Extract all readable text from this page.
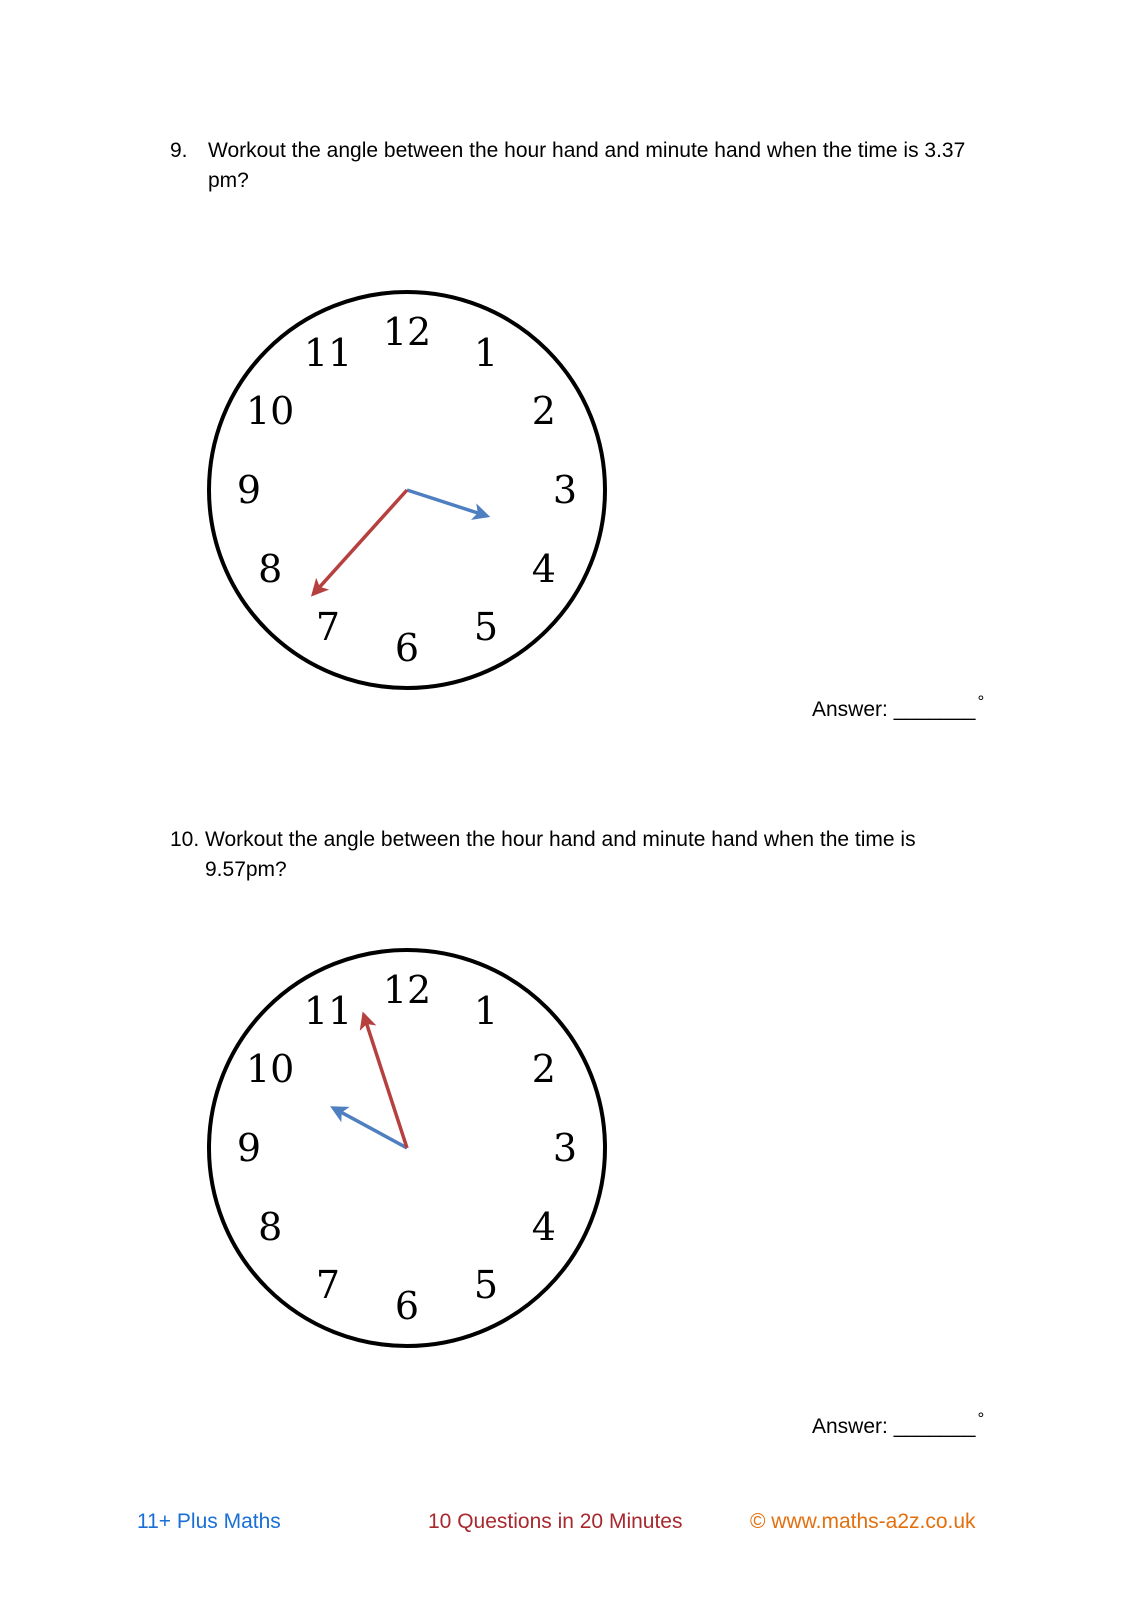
9. Workout the angle between the hour hand and minute hand when the time is 3.37 pm?
12 1
2
3
4
5
6
7
8
9
10
11
Answer: _______ °
10. Workout the angle between the hour hand and minute hand when the time is 9.57pm?
12 1
2
3
4
5
6
7
8
9
10
11
Answer: _______ °
11+ Plus Maths	10 Questions in 20 Minutes	© www.maths-a2z.co.uk
